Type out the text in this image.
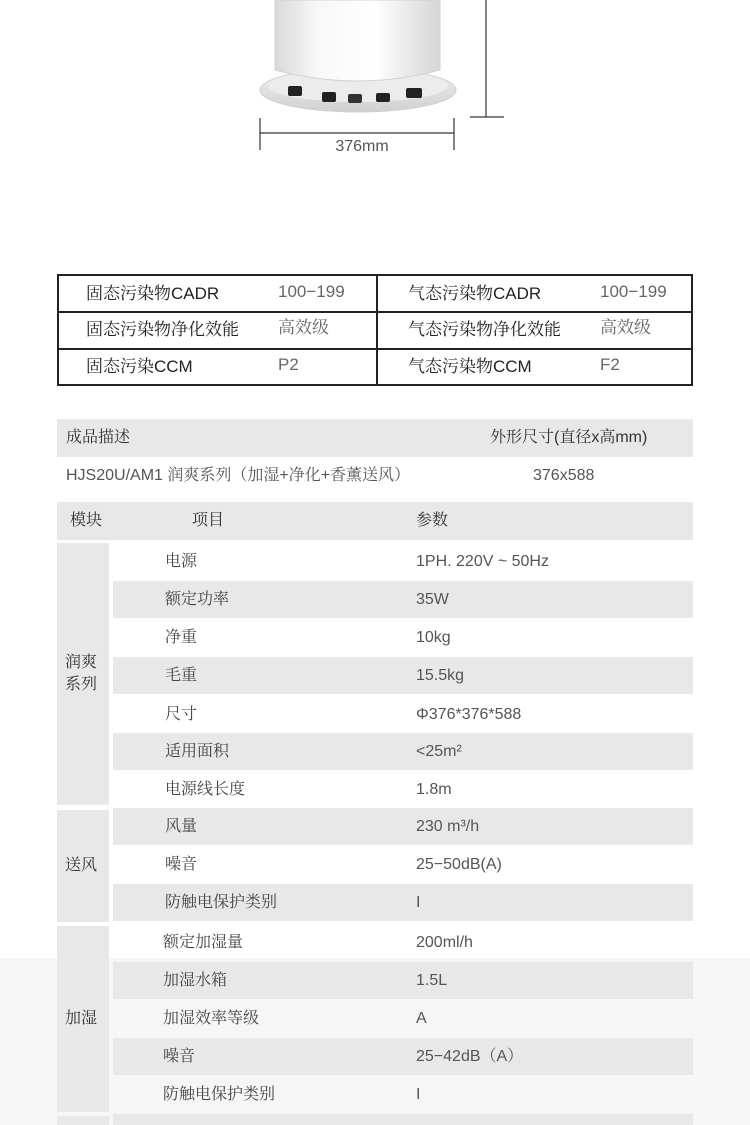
376mm
固态污染物CADR	100−199	气态污染物CADR	100−199
固态污染物净化效能 高效级	气态污染物净化效能 高效级
固态污染CCM	P2	气态污染物CCM	F2
成品描述	外形尺寸(直径x高mm)
HJS20U/AM1 润爽系列（加湿+净化+香薰送风）	376x588
模块	项目	参数
润爽
系列
电源	1PH. 220V ~ 50Hz
额定功率	35W
净重	10kg
毛重	15.5kg
尺寸	Φ376*376*588
适用面积	<25m²
电源线长度	1.8m
送风
风量	230 m³/h
噪音	25−50dB(A)
防触电保护类别	I
加湿
额定加湿量	200ml/h
加湿水箱	1.5L
加湿效率等级	A
噪音	25−42dB（A）
防触电保护类别	I
